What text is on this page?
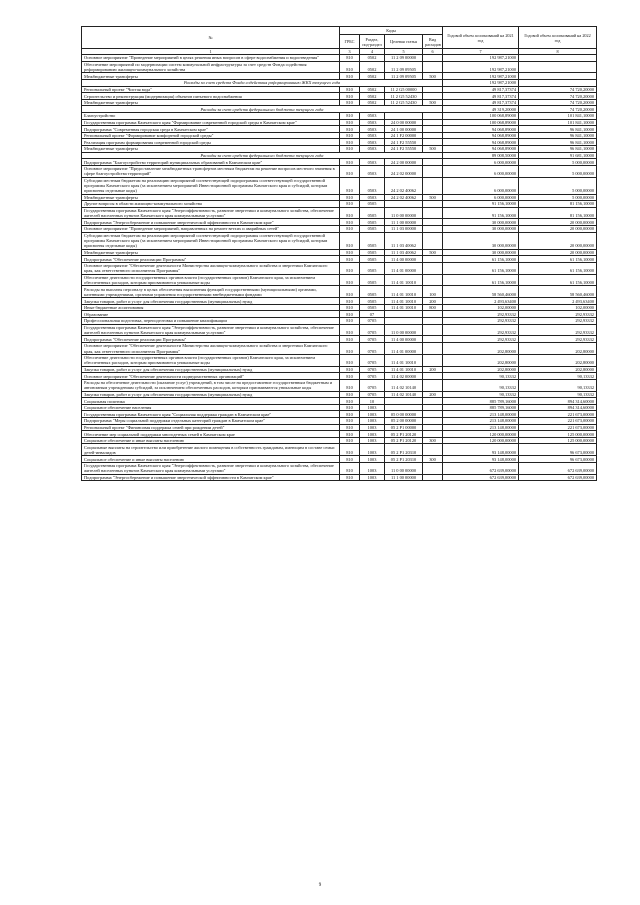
№	Коды				Годовой объем ассигнований на 2021 год	Годовой объем ассигнований на 2022 год
	ГРБС	Раздел, под-раздел	Целевая статья	Вид расходов		
1	3	4	5	6	7	8
Основное мероприятие "Проведение мероприятий в целях решения иных вопросов в сфере водоснабжения и водоотведения"	810	0502	11 2 09 00000		192 987,21000	
Обеспечение мероприятий по модернизации систем коммунальной инфраструктуры за счет средств Фонда содействия реформированию жилищно-коммунального хозяйства	810	0502	11 2 09 09505		192 987,21000	
Межбюджетные трансферты	810	0502	11 2 09 09505	500	192 987,21000	
Расходы за счет средств Фонда содействия реформированию ЖКХ текущего года					192 987,21000	
Региональный проект "Чистая вода"	810	0502	11 2 G5 00000		49 817,37374	74 720,20000
Строительство и реконструкция (модернизация) объектов питьевого водоснабжения	810	0502	11 2 G5 52430		49 817,37374	74 720,20000
Межбюджетные трансферты	810	0502	11 2 G5 52430	500	49 817,37374	74 720,20000
Расходы за счет средств федерального бюджета текущего года					49 319,20000	74 720,20000
Благоустройство	810	0503			100 068,89000	101 841,10000
Государственная программа Камчатского края "Формирование современной городской среды в Камчатском крае"	810	0503	24 0 00 00000		100 068,89000	101 841,10000
Подпрограмма "Современная городская среда в Камчатском крае"	810	0503	24 1 00 00000		94 068,89000	96 841,10000
Региональный проект "Формирование комфортной городской среды"	810	0503	24 1 F2 00000		94 068,89000	96 841,10000
Реализация программ формирования современной городской среды	810	0503	24 1 F2 55550		94 068,89000	96 841,10000
Межбюджетные трансферты	810	0503	24 1 F2 55550	500	94 068,89000	96 841,10000
Расходы за счет средств федерального бюджета текущего года					89 008,50000	91 681,10000
Подпрограмма "Благоустройство территорий муниципальных образований в Камчатском крае"	810	0503	24 2 00 00000		6 000,00000	5 000,00000
Основное мероприятие "Предоставление межбюджетных трансфертов местным бюджетам на решение вопросов местного значения в сфере благоустройства территорий"	810	0503	24 2 02 00000		6 000,00000	5 000,00000
Субсидии местным бюджетам на реализацию мероприятий соответствующей подпрограммы соответствующей государственной программы Камчатского края (за исключением мероприятий Инвестиционной программы Камчатского края и субсидий, которым присвоены отдельные коды)	810	0503	24 2 02 40062		6 000,00000	5 000,00000
Межбюджетные трансферты	810	0503	24 2 02 40062	500	6 000,00000	5 000,00000
Другие вопросы в области жилищно-коммунального хозяйства	810	0505			91 156,10000	81 156,10000
Государственная программа Камчатского края "Энергоэффективность, развитие энергетики и коммунального хозяйства, обеспечение жителей населенных пунктов Камчатского края коммунальными услугами"	810	0505	11 0 00 00000		91 156,10000	81 156,10000
Подпрограмма "Энергосбережение и повышение энергетической эффективности в Камчатском крае"	810	0505	11 1 00 00000		30 000,00000	20 000,00000
Основное мероприятие "Проведение мероприятий, направленных на ремонт ветхих и аварийных сетей"	810	0505	11 1 03 00000		30 000,00000	20 000,00000
Субсидии местным бюджетам на реализацию мероприятий соответствующей подпрограммы соответствующей государственной программы Камчатского края (за исключением мероприятий Инвестиционной программы Камчатского края и субсидий, которым присвоены отдельные коды)	810	0505	11 1 03 40062		30 000,00000	20 000,00000
Межбюджетные трансферты	810	0505	11 1 03 40062	500	30 000,00000	20 000,00000
Подпрограмма "Обеспечение реализации Программы"	810	0505	11 4 00 00000		61 156,10000	61 156,10000
Основное мероприятие "Обеспечение деятельности Министерства жилищно-коммунального хозяйства и энергетики Камчатского края, как ответственного исполнителя Программы"	810	0505	11 4 01 00000		61 156,10000	61 156,10000
Обеспечение деятельности государственных органов власти (государственных органов) Камчатского края, за исключением обеспеченных расходов, которым присваиваются уникальные коды	810	0505	11 4 01 10010		61 156,10000	61 156,10000
Расходы на выплаты персоналу в целях обеспечения выполнения функций государственными (муниципальными) органами, казенными учреждениями, органами управления государственными внебюджетными фондами	810	0505	11 4 01 10010	100	58 560,46000	58 560,46000
Закупка товаров, работ и услуг для обеспечения государственных (муниципальных) нужд	810	0505	11 4 01 10010	200	2 493,63400	2 493,63400
Иные бюджетные ассигнования	810	0505	11 4 01 10010	800	102,00000	102,00000
Образование	810	07			292,93332	292,93332
Профессиональная подготовка, переподготовка и повышение квалификации	810	0705			292,93332	292,93332
Государственная программа Камчатского края "Энергоэффективность, развитие энергетики и коммунального хозяйства, обеспечение жителей населенных пунктов Камчатского края коммунальными услугами"	810	0705	11 0 00 00000		292,93332	292,93332
Подпрограмма "Обеспечение реализации Программы"	810	0705	11 4 00 00000		292,93332	292,93332
Основное мероприятие "Обеспечение деятельности Министерства жилищно-коммунального хозяйства и энергетики Камчатского края, как ответственного исполнителя Программы"	810	0705	11 4 01 00000		202,80000	202,80000
Обеспечение деятельности государственных органов власти (государственных органов) Камчатского края, за исключением обеспеченных расходов, которым присваиваются уникальные коды	810	0705	11 4 01 10010		202,80000	202,80000
Закупка товаров, работ и услуг для обеспечения государственных (муниципальных) нужд	810	0705	11 4 01 10010	200	202,80000	202,80000
Основное мероприятие "Обеспечение деятельности подведомственных организаций"	810	0705	11 4 02 00000		90,13332	90,13332
Расходы на обеспечение деятельности (оказание услуг) учреждений, в том числе на предоставление государственным бюджетным и автономным учреждениям субсидий, за исключением обеспеченных расходов, которым присваиваются уникальные коды	810	0705	11 4 02 10140		90,13332	90,13332
Закупка товаров, работ и услуг для обеспечения государственных (муниципальных) нужд	810	0705	11 4 02 10140	200	90,13332	90,13332
Социальная политика	810	10			885 789,16000	894 314,60000
Социальное обеспечение населения	810	1003			885 789,16000	894 314,60000
Государственная программа Камчатского края "Социальная поддержка граждан в Камчатском крае"	810	1003	05 0 00 00000		213 148,00000	221 673,00000
Подпрограмма "Меры социальной поддержки отдельных категорий граждан в Камчатском крае"	810	1003	05 2 00 00000		213 148,00000	221 673,00000
Региональный проект "Финансовая поддержка семей при рождении детей"	810	1003	05 2 P1 00000		213 148,00000	221 673,00000
Обеспечение мер социальной поддержки многодетных семей в Камчатском крае	810	1003	05 2 P1 20120		120 000,00000	125 000,00000
Социальное обеспечение и иные выплаты населению	810	1003	05 2 P1 20120	300	120 000,00000	125 000,00000
Социальные выплаты на строительство или приобретение жилого помещения в собственность гражданам, имеющим в составе семьи детей-инвалидов	810	1003	05 2 P1 20310		93 148,00000	96 673,00000
Социальное обеспечение и иные выплаты населению	810	1003	05 2 P1 20310	300	93 148,00000	96 673,00000
Государственная программа Камчатского края "Энергоэффективность, развитие энергетики и коммунального хозяйства, обеспечение жителей населенных пунктов Камчатского края коммунальными услугами"	810	1003	11 0 00 00000		672 639,00000	672 639,00000
Подпрограмма "Энергосбережение и повышение энергетической эффективности в Камчатском крае"	810	1003	11 1 00 00000		672 639,00000	672 639,00000
9
